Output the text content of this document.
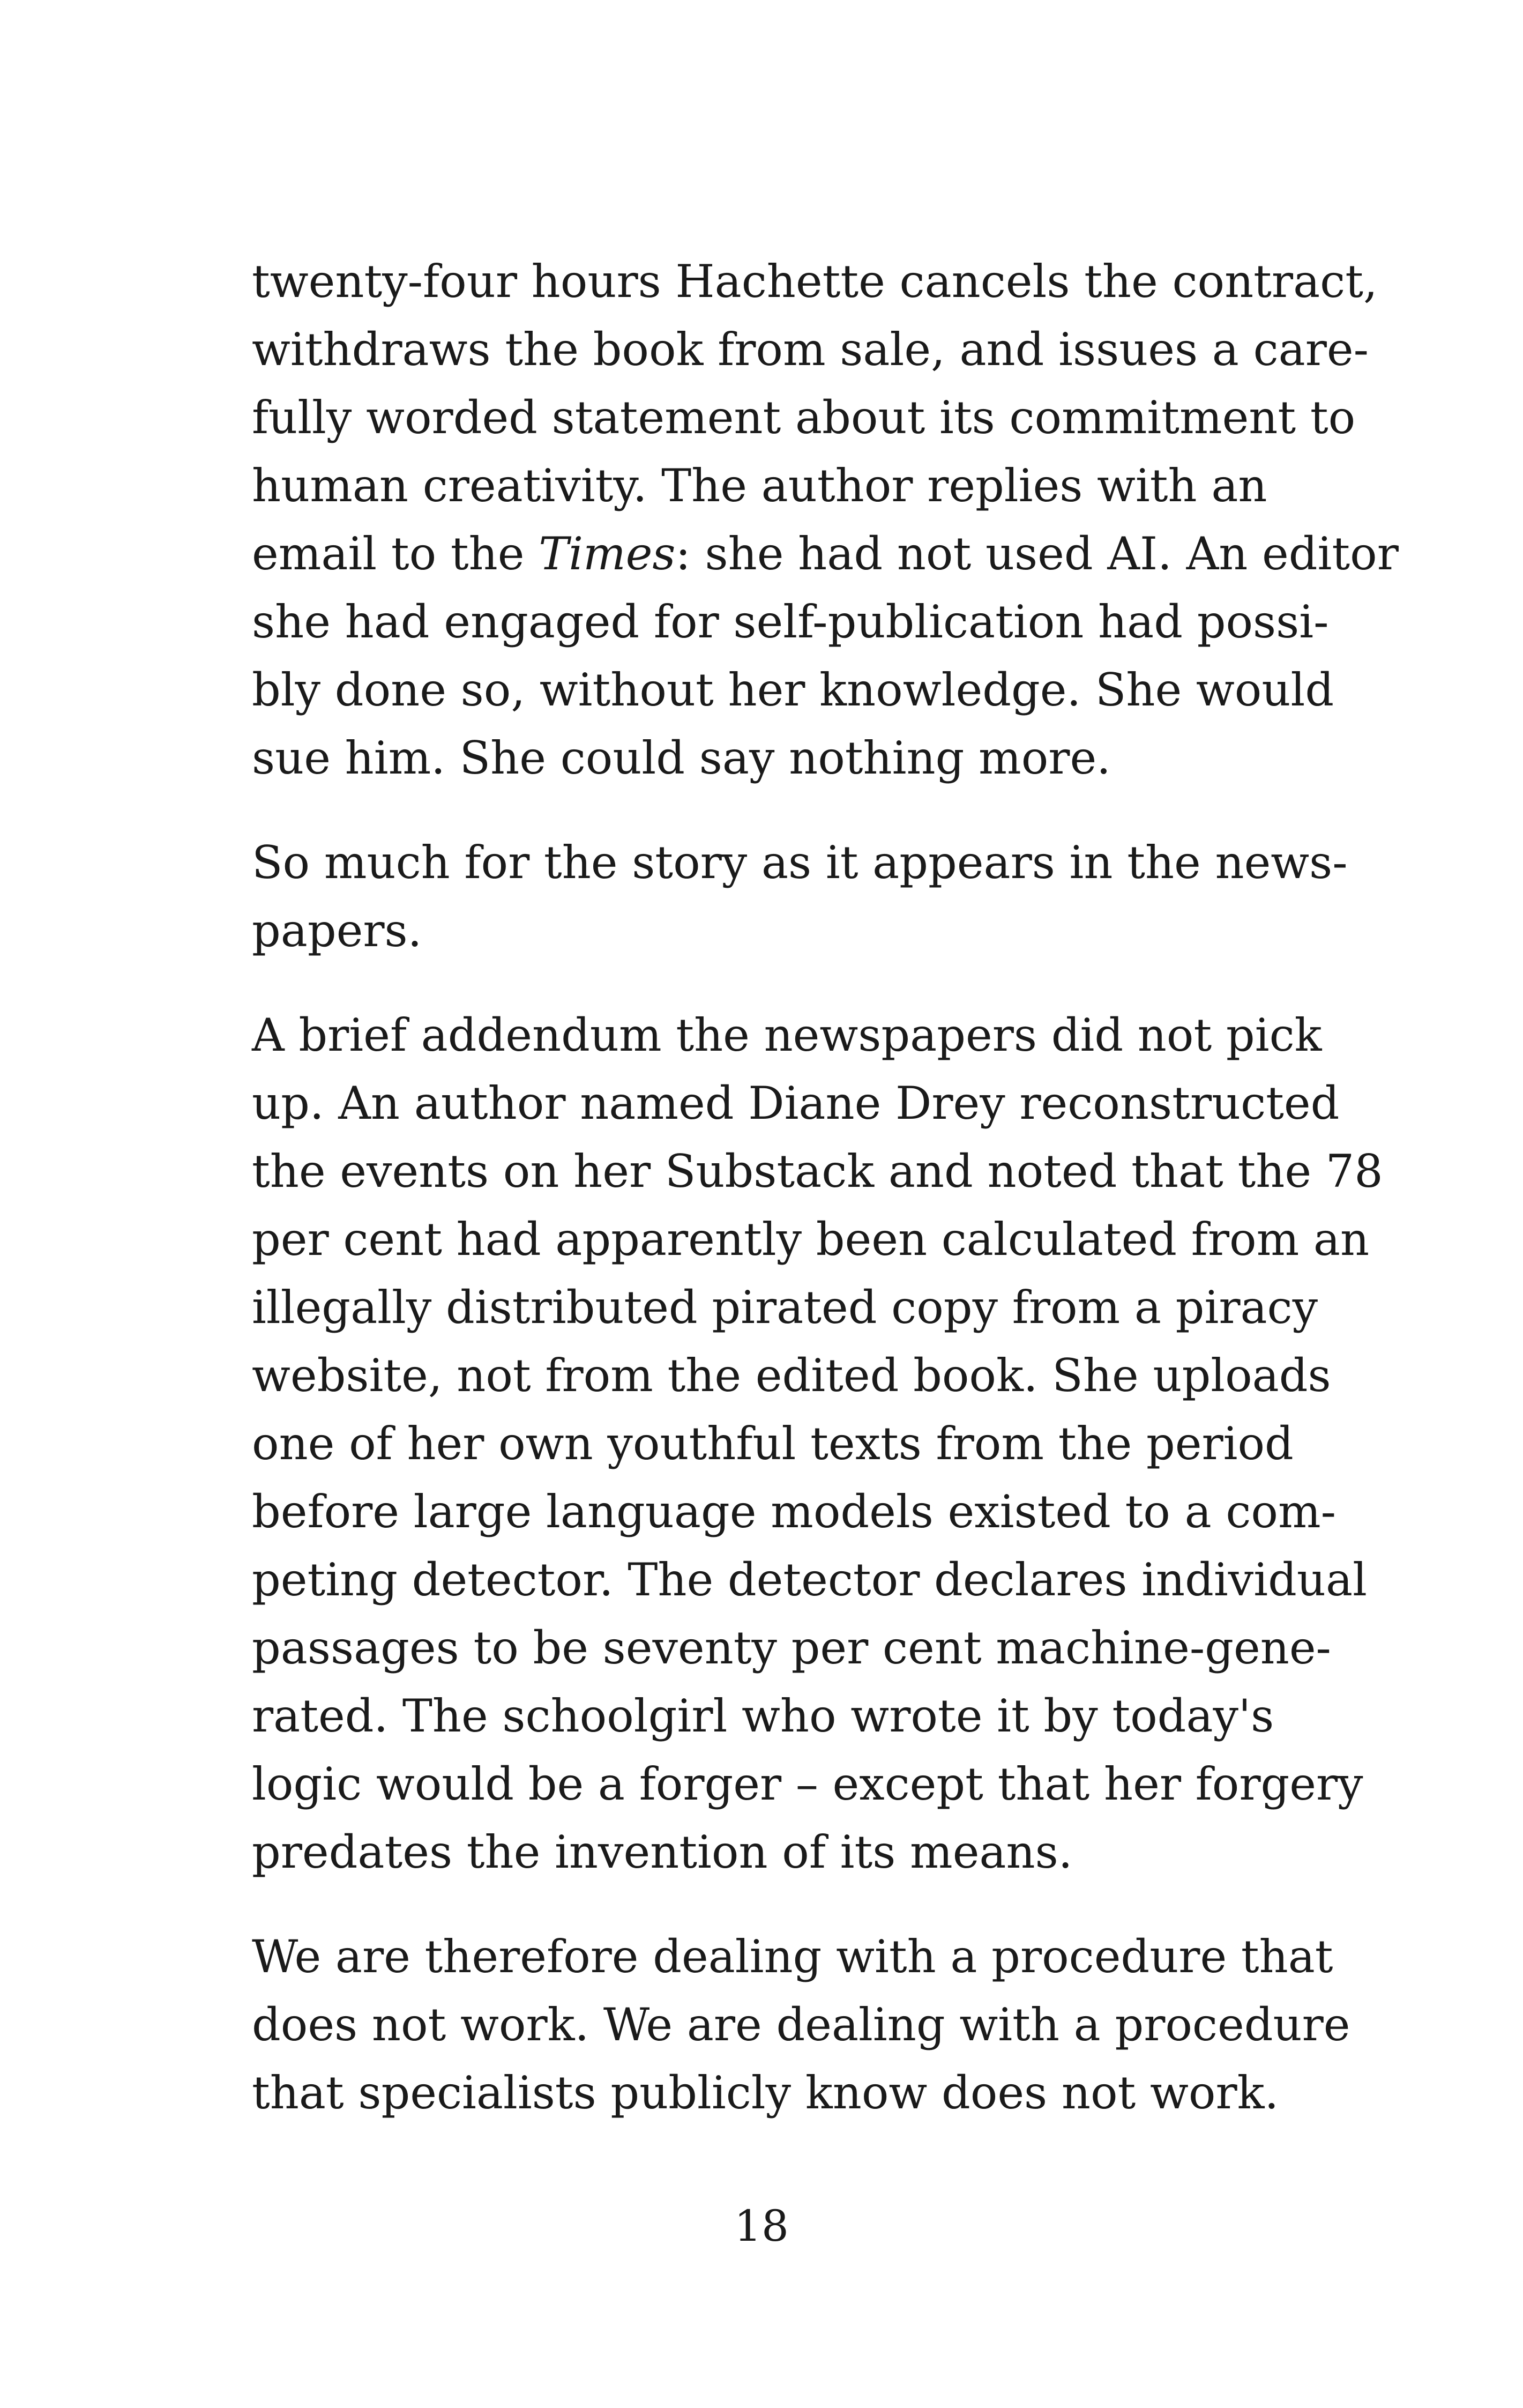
twenty-four hours Hachette cancels the contract,
withdraws the book from sale, and issues a care-
fully worded statement about its commitment to
human creativity. The author replies with an
email to the Times: she had not used AI. An editor
she had engaged for self-publication had possi-
bly done so, without her knowledge. She would
sue him. She could say nothing more.
So much for the story as it appears in the news-
papers.
A brief addendum the newspapers did not pick
up. An author named Diane Drey reconstructed
the events on her Substack and noted that the 78
per cent had apparently been calculated from an
illegally distributed pirated copy from a piracy
website, not from the edited book. She uploads
one of her own youthful texts from the period
before large language models existed to a com-
peting detector. The detector declares individual
passages to be seventy per cent machine-gene-
rated. The schoolgirl who wrote it by today's
logic would be a forger – except that her forgery
predates the invention of its means.
We are therefore dealing with a procedure that
does not work. We are dealing with a procedure
that specialists publicly know does not work.
18
